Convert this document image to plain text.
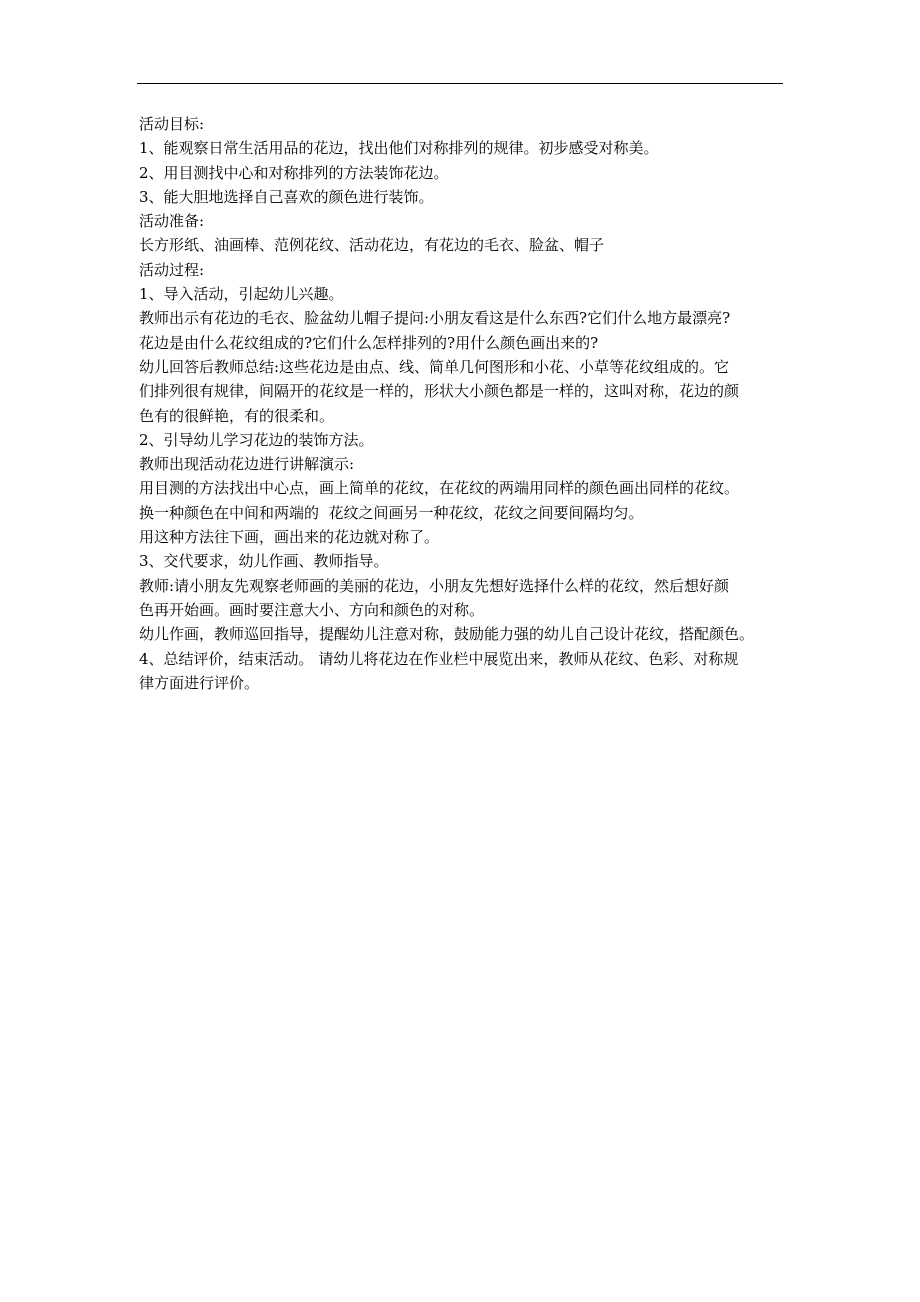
活动目标:
1、能观察日常生活用品的花边，找出他们对称排列的规律。初步感受对称美。
2、用目测找中心和对称排列的方法装饰花边。
3、能大胆地选择自己喜欢的颜色进行装饰。
活动准备:
长方形纸、油画棒、范例花纹、活动花边，有花边的毛衣、脸盆、帽子
活动过程:
1、导入活动，引起幼儿兴趣。
教师出示有花边的毛衣、脸盆幼儿帽子提问:小朋友看这是什么东西?它们什么地方最漂亮?
花边是由什么花纹组成的?它们什么怎样排列的?用什么颜色画出来的?
幼儿回答后教师总结:这些花边是由点、线、简单几何图形和小花、小草等花纹组成的。它
们排列很有规律，间隔开的花纹是一样的，形状大小颜色都是一样的，这叫对称，花边的颜
色有的很鲜艳，有的很柔和。
2、引导幼儿学习花边的装饰方法。
教师出现活动花边进行讲解演示:
用目测的方法找出中心点，画上简单的花纹，在花纹的两端用同样的颜色画出同样的花纹。
换一种颜色在中间和两端的  花纹之间画另一种花纹，花纹之间要间隔均匀。
用这种方法往下画，画出来的花边就对称了。
3、交代要求，幼儿作画、教师指导。
教师:请小朋友先观察老师画的美丽的花边，小朋友先想好选择什么样的花纹，然后想好颜
色再开始画。画时要注意大小、方向和颜色的对称。
幼儿作画，教师巡回指导，提醒幼儿注意对称，鼓励能力强的幼儿自己设计花纹，搭配颜色。
4、总结评价，结束活动。 请幼儿将花边在作业栏中展览出来，教师从花纹、色彩、对称规
律方面进行评价。
